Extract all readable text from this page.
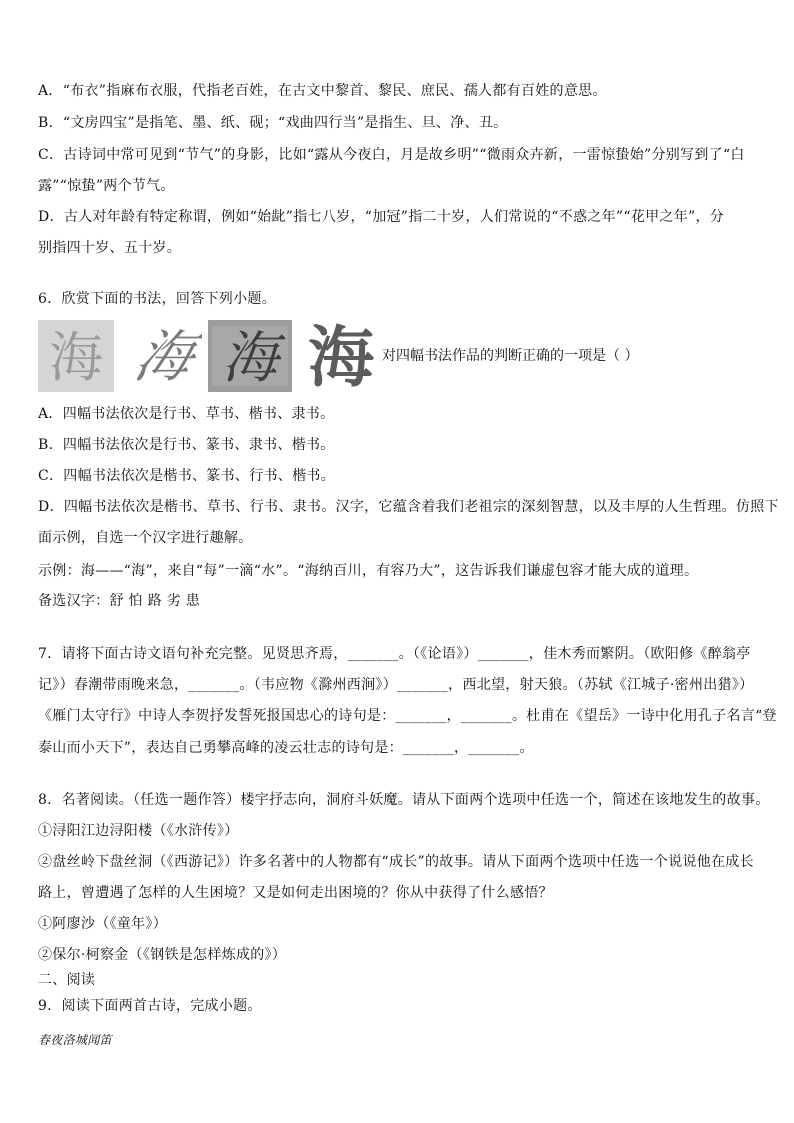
A．“布衣”指麻布衣服，代指老百姓，在古文中黎首、黎民、庶民、孺人都有百姓的意思。
B．“文房四宝”是指笔、墨、纸、砚；“戏曲四行当”是指生、旦、净、丑。
C．古诗词中常可见到“节气”的身影，比如“露从今夜白，月是故乡明”“微雨众卉新，一雷惊蛰始”分别写到了“白
露”“惊蛰”两个节气。
D．古人对年龄有特定称谓，例如“始龀”指七八岁，“加冠”指二十岁，人们常说的“不惑之年”“花甲之年”，分
别指四十岁、五十岁。
6．欣赏下面的书法，回答下列小题。
海 海 海 海 对四幅书法作品的判断正确的一项是（ ）
A．四幅书法依次是行书、草书、楷书、隶书。
B．四幅书法依次是行书、篆书、隶书、楷书。
C．四幅书法依次是楷书、篆书、行书、楷书。
D．四幅书法依次是楷书、草书、行书、隶书。汉字，它蕴含着我们老祖宗的深刻智慧，以及丰厚的人生哲理。仿照下
面示例，自选一个汉字进行趣解。
示例：海——“海”，来自“每”一滴“水”。“海纳百川，有容乃大”，这告诉我们谦虚包容才能大成的道理。
备选汉字：舒 怕 路 劣 患
7．请将下面古诗文语句补充完整。见贤思齐焉，_______。（《论语》）_______，佳木秀而繁阴。（欧阳修《醉翁亭
记》）春潮带雨晚来急，_______。（韦应物《滁州西涧》）_______，西北望，射天狼。（苏轼《江城子·密州出猎》）
《雁门太守行》中诗人李贺抒发誓死报国忠心的诗句是：_______，_______。杜甫在《望岳》一诗中化用孔子名言“登
泰山而小天下”，表达自己勇攀高峰的凌云壮志的诗句是：_______，_______。
8．名著阅读。（任选一题作答）楼宇抒志向，洞府斗妖魔。请从下面两个选项中任选一个，简述在该地发生的故事。
①浔阳江边浔阳楼（《水浒传》）
②盘丝岭下盘丝洞（《西游记》）许多名著中的人物都有“成长”的故事。请从下面两个选项中任选一个说说他在成长
路上，曾遭遇了怎样的人生困境？又是如何走出困境的？你从中获得了什么感悟？
①阿廖沙（《童年》）
②保尔·柯察金（《钢铁是怎样炼成的》）
二、阅读
9．阅读下面两首古诗，完成小题。
春夜洛城闻笛
